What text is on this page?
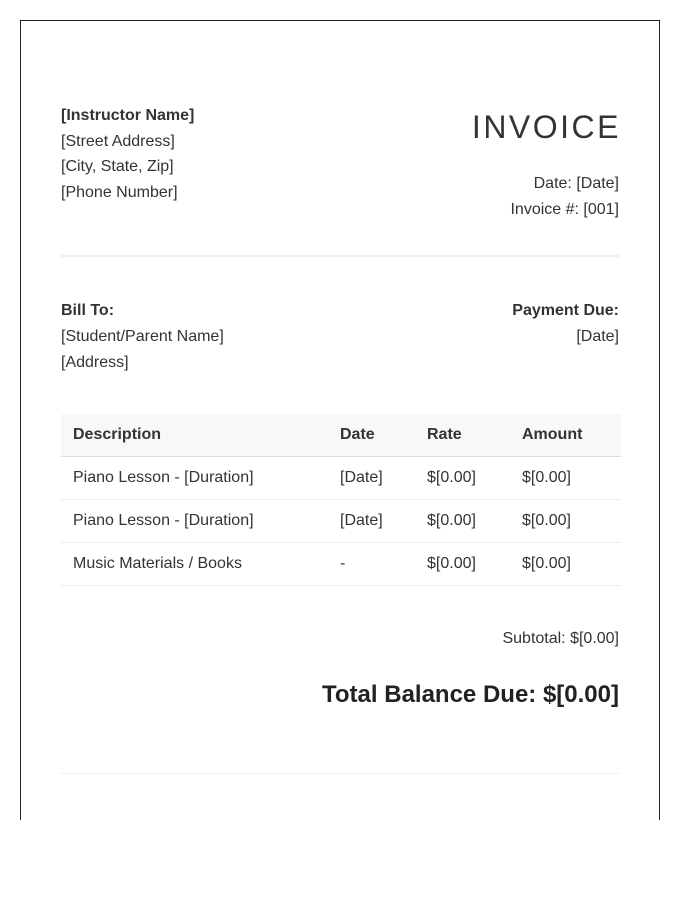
[Instructor Name]
[Street Address]
[City, State, Zip]
[Phone Number]
INVOICE
Date: [Date]
Invoice #: [001]
Bill To:
[Student/Parent Name]
[Address]
Payment Due:
[Date]
Description	Date	Rate	Amount
Piano Lesson - [Duration]	[Date]	$[0.00]	$[0.00]
Piano Lesson - [Duration]	[Date]	$[0.00]	$[0.00]
Music Materials / Books	-	$[0.00]	$[0.00]
Subtotal: $[0.00]
Total Balance Due: $[0.00]
